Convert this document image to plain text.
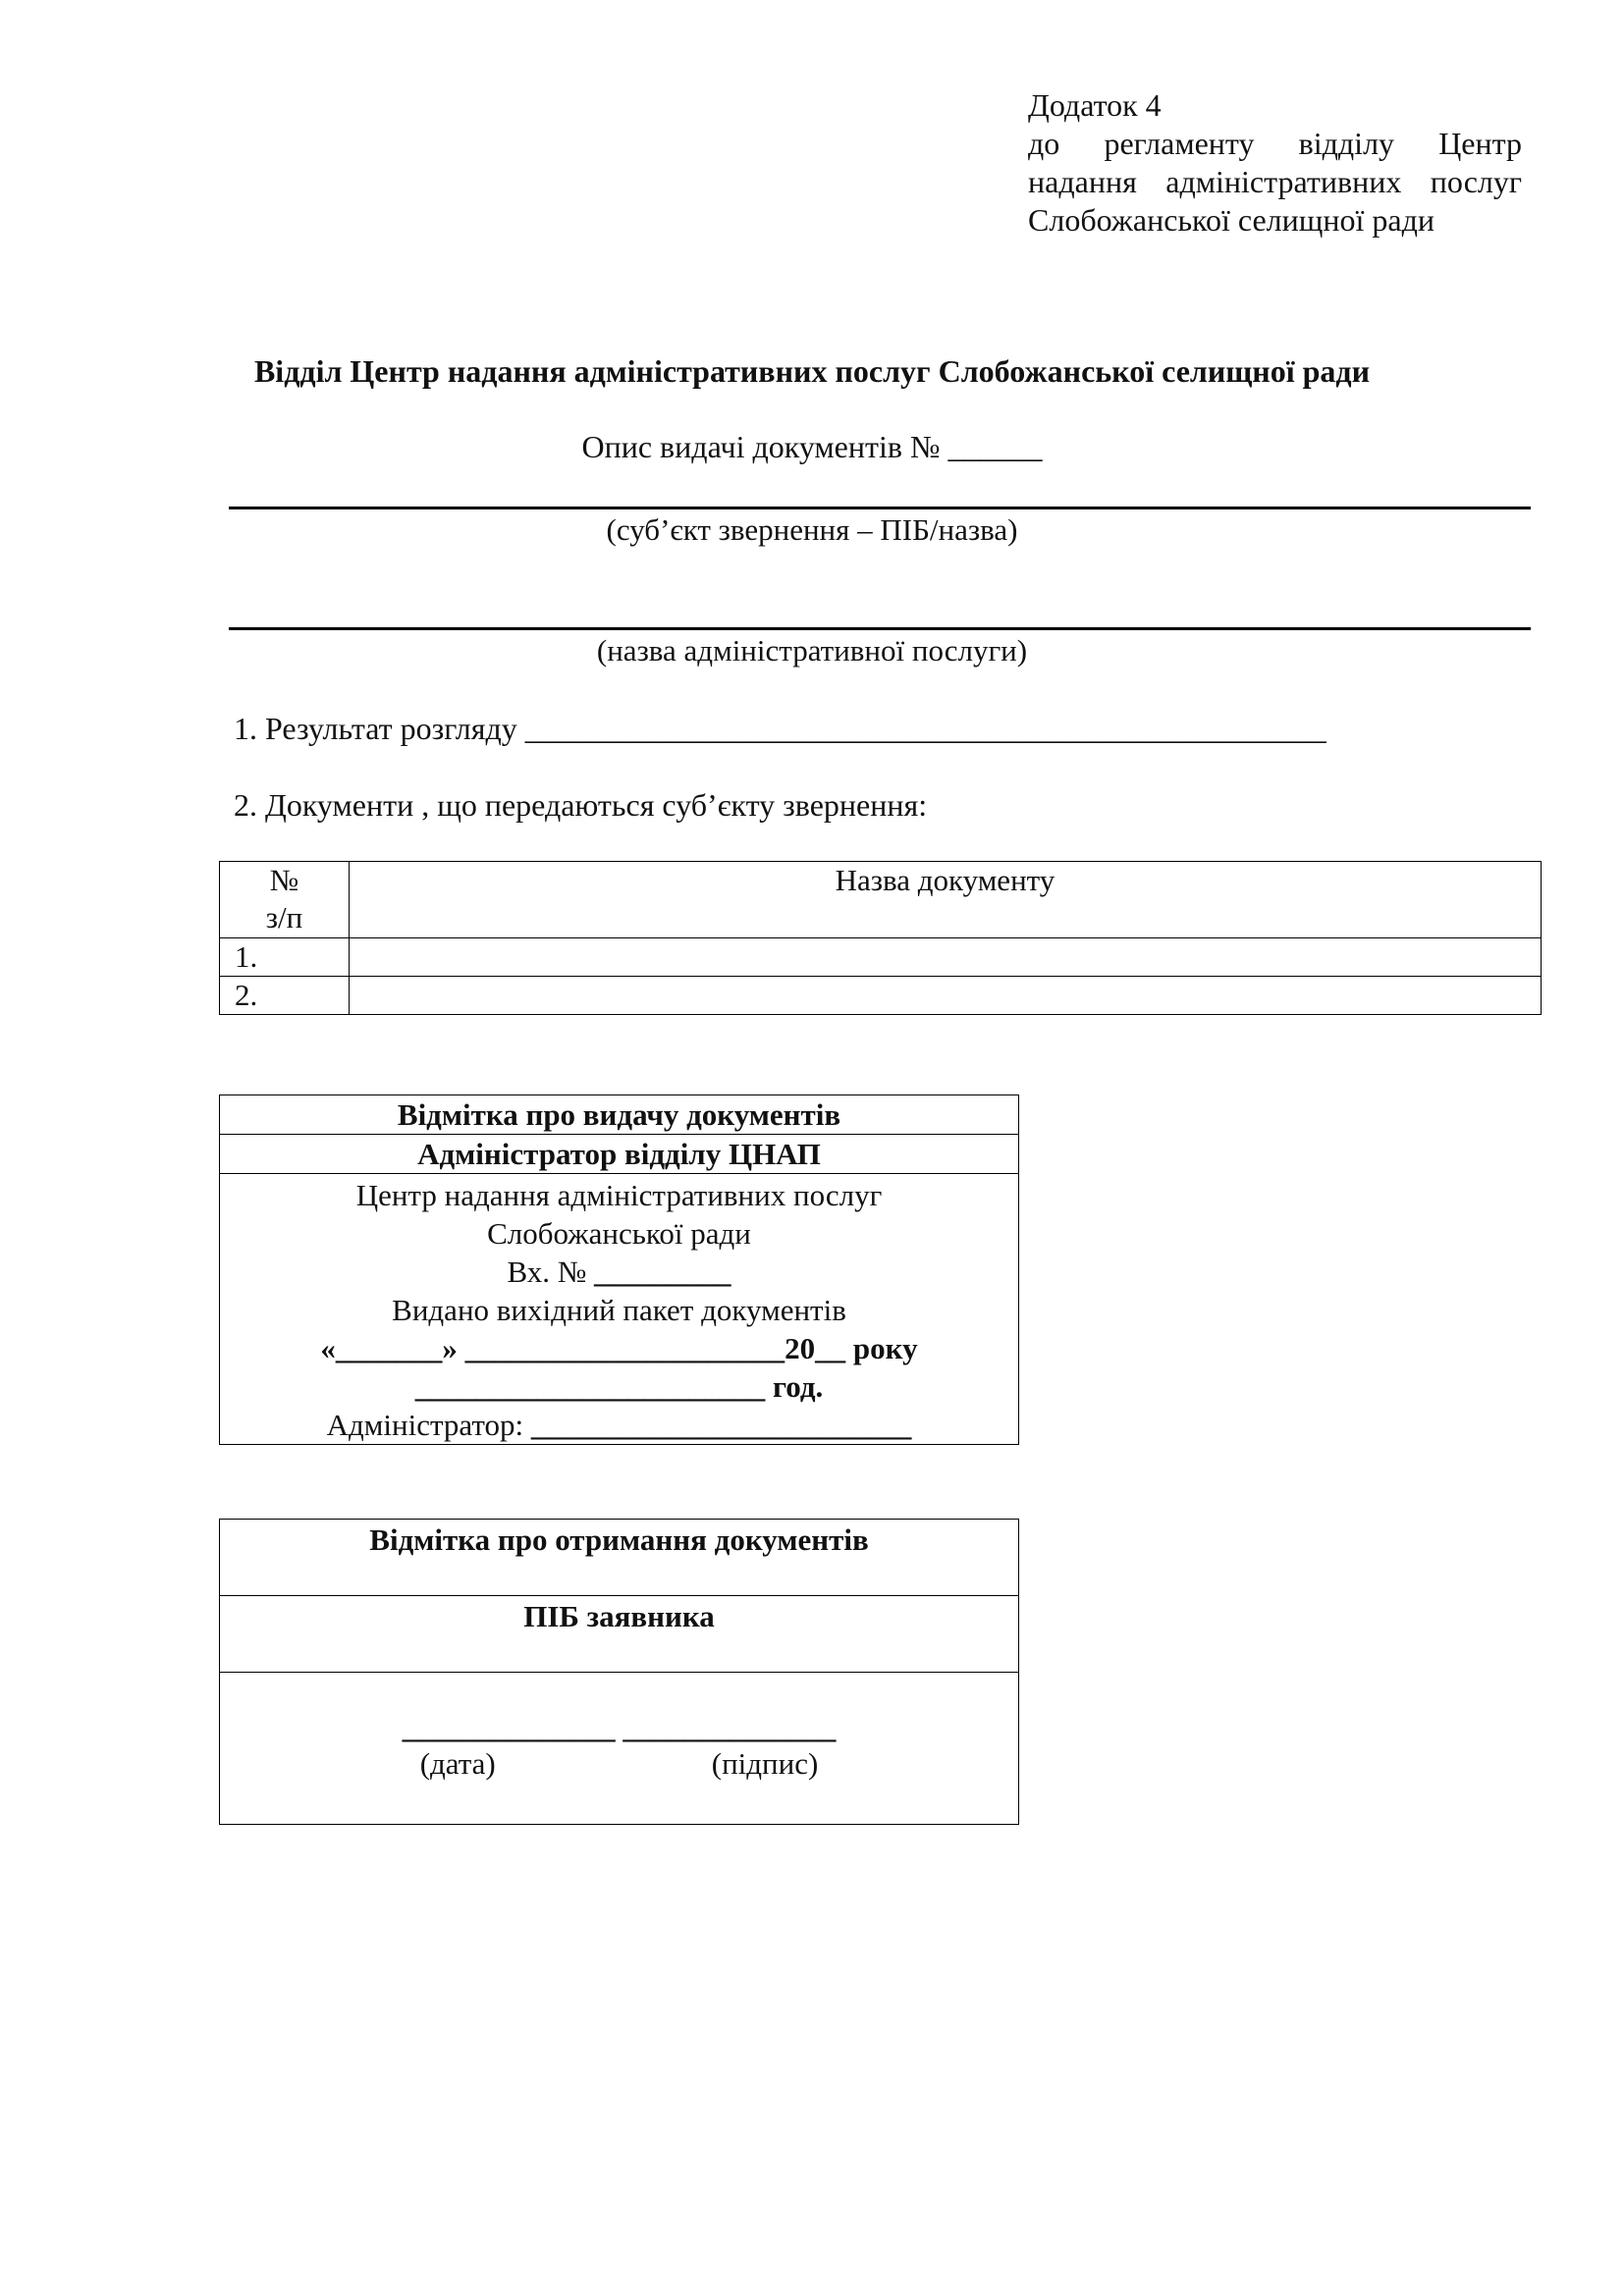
Додаток 4
до регламенту відділу Центр
надання адміністративних послуг
Слобожанської селищної ради
Відділ Центр надання адміністративних послуг Слобожанської селищної ради
Опис видачі документів № ______
(суб’єкт звернення – ПІБ/назва)
(назва адміністративної послуги)
1. Результат розгляду ___________________________________________________
2. Документи , що передаються суб’єкту звернення:
№
з/п	Назва документу
1.	
2.	
Відмітка про видачу документів
Адміністратор відділу ЦНАП

Центр надання адміністративних послуг
Слобожанської ради
Вх. № _________
Видано вихідний пакет документів
«_______» _____________________20__ року
_______________________ год.
Адміністратор: _________________________
Відмітка про отримання документів
ПІБ заявника

______________ ______________
(дата)	(підпис)
